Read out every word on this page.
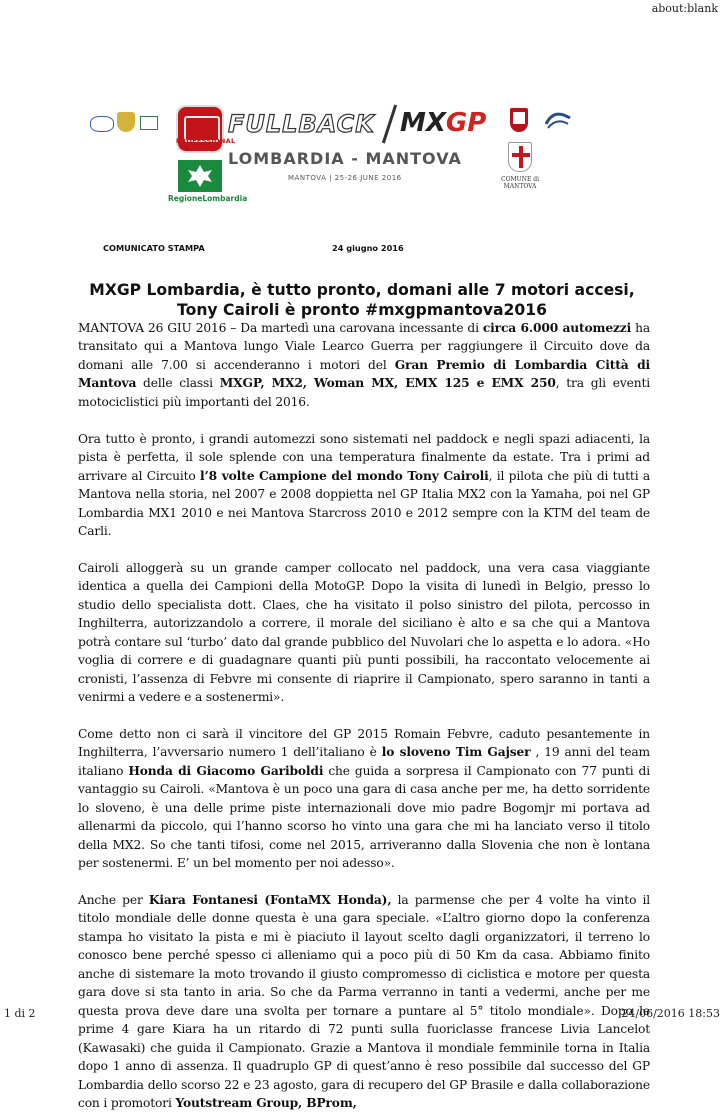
about:blank
PROFESSIONAL
RegioneLombardia
FULLBACK MXGP
LOMBARDIA - MANTOVA
MANTOVA | 25-26 JUNE 2016	COMUNE di MANTOVA
COMUNICATO STAMPA	24 giugno 2016
MXGP Lombardia, è tutto pronto, domani alle 7 motori accesi, Tony Cairoli è pronto #mxgpmantova2016

MANTOVA 26 GIU 2016 – Da martedì una carovana incessante di circa 6.000 automezzi ha transitato qui a Mantova lungo Viale Learco Guerra per raggiungere il Circuito dove da domani alle 7.00 si accenderanno i motori del Gran Premio di Lombardia Città di Mantova delle classi MXGP, MX2, Woman MX, EMX 125 e EMX 250, tra gli eventi motociclistici più importanti del 2016.

Ora tutto è pronto, i grandi automezzi sono sistemati nel paddock e negli spazi adiacenti, la pista è perfetta, il sole splende con una temperatura finalmente da estate. Tra i primi ad arrivare al Circuito l’8 volte Campione del mondo Tony Cairoli, il pilota che più di tutti a Mantova nella storia, nel 2007 e 2008 doppietta nel GP Italia MX2 con la Yamaha, poi nel GP Lombardia MX1 2010 e nei Mantova Starcross 2010 e 2012 sempre con la KTM del team de Carli.

Cairoli alloggerà su un grande camper collocato nel paddock, una vera casa viaggiante identica a quella dei Campioni della MotoGP. Dopo la visita di lunedì in Belgio, presso lo studio dello specialista dott. Claes, che ha visitato il polso sinistro del pilota, percosso in Inghilterra, autorizzandolo a correre, il morale del siciliano è alto e sa che qui a Mantova potrà contare sul ‘turbo’ dato dal grande pubblico del Nuvolari che lo aspetta e lo adora. «Ho voglia di correre e di guadagnare quanti più punti possibili, ha raccontato velocemente ai cronisti, l’assenza di Febvre mi consente di riaprire il Campionato, spero saranno in tanti a venirmi a vedere e a sostenermi».

Come detto non ci sarà il vincitore del GP 2015 Romain Febvre, caduto pesantemente in Inghilterra, l’avversario numero 1 dell’italiano è lo sloveno Tim Gajser , 19 anni del team italiano Honda di Giacomo Gariboldi che guida a sorpresa il Campionato con 77 punti di vantaggio su Cairoli. «Mantova è un poco una gara di casa anche per me, ha detto sorridente lo sloveno, è una delle prime piste internazionali dove mio padre Bogomjr mi portava ad allenarmi da piccolo, qui l’hanno scorso ho vinto una gara che mi ha lanciato verso il titolo della MX2. So che tanti tifosi, come nel 2015, arriveranno dalla Slovenia che non è lontana per sostenermi. E’ un bel momento per noi adesso».

Anche per Kiara Fontanesi (FontaMX Honda), la parmense che per 4 volte ha vinto il titolo mondiale delle donne questa è una gara speciale. «L’altro giorno dopo la conferenza stampa ho visitato la pista e mi è piaciuto il layout scelto dagli organizzatori, il terreno lo conosco bene perché spesso ci alleniamo qui a poco più di 50 Km da casa. Abbiamo finito anche di sistemare la moto trovando il giusto compromesso di ciclistica e motore per questa gara dove si sta tanto in aria. So che da Parma verranno in tanti a vedermi, anche per me questa prova deve dare una svolta per tornare a puntare al 5° titolo mondiale». Dopo le prime 4 gare Kiara ha un ritardo di 72 punti sulla fuoriclasse francese Livia Lancelot (Kawasaki) che guida il Campionato. Grazie a Mantova il mondiale femminile torna in Italia dopo 1 anno di assenza. Il quadruplo GP di quest’anno è reso possibile dal successo del GP Lombardia dello scorso 22 e 23 agosto, gara di recupero del GP Brasile e dalla collaborazione con i promotori Youtstream Group, BProm,

1 di 2	24/06/2016 18:53
